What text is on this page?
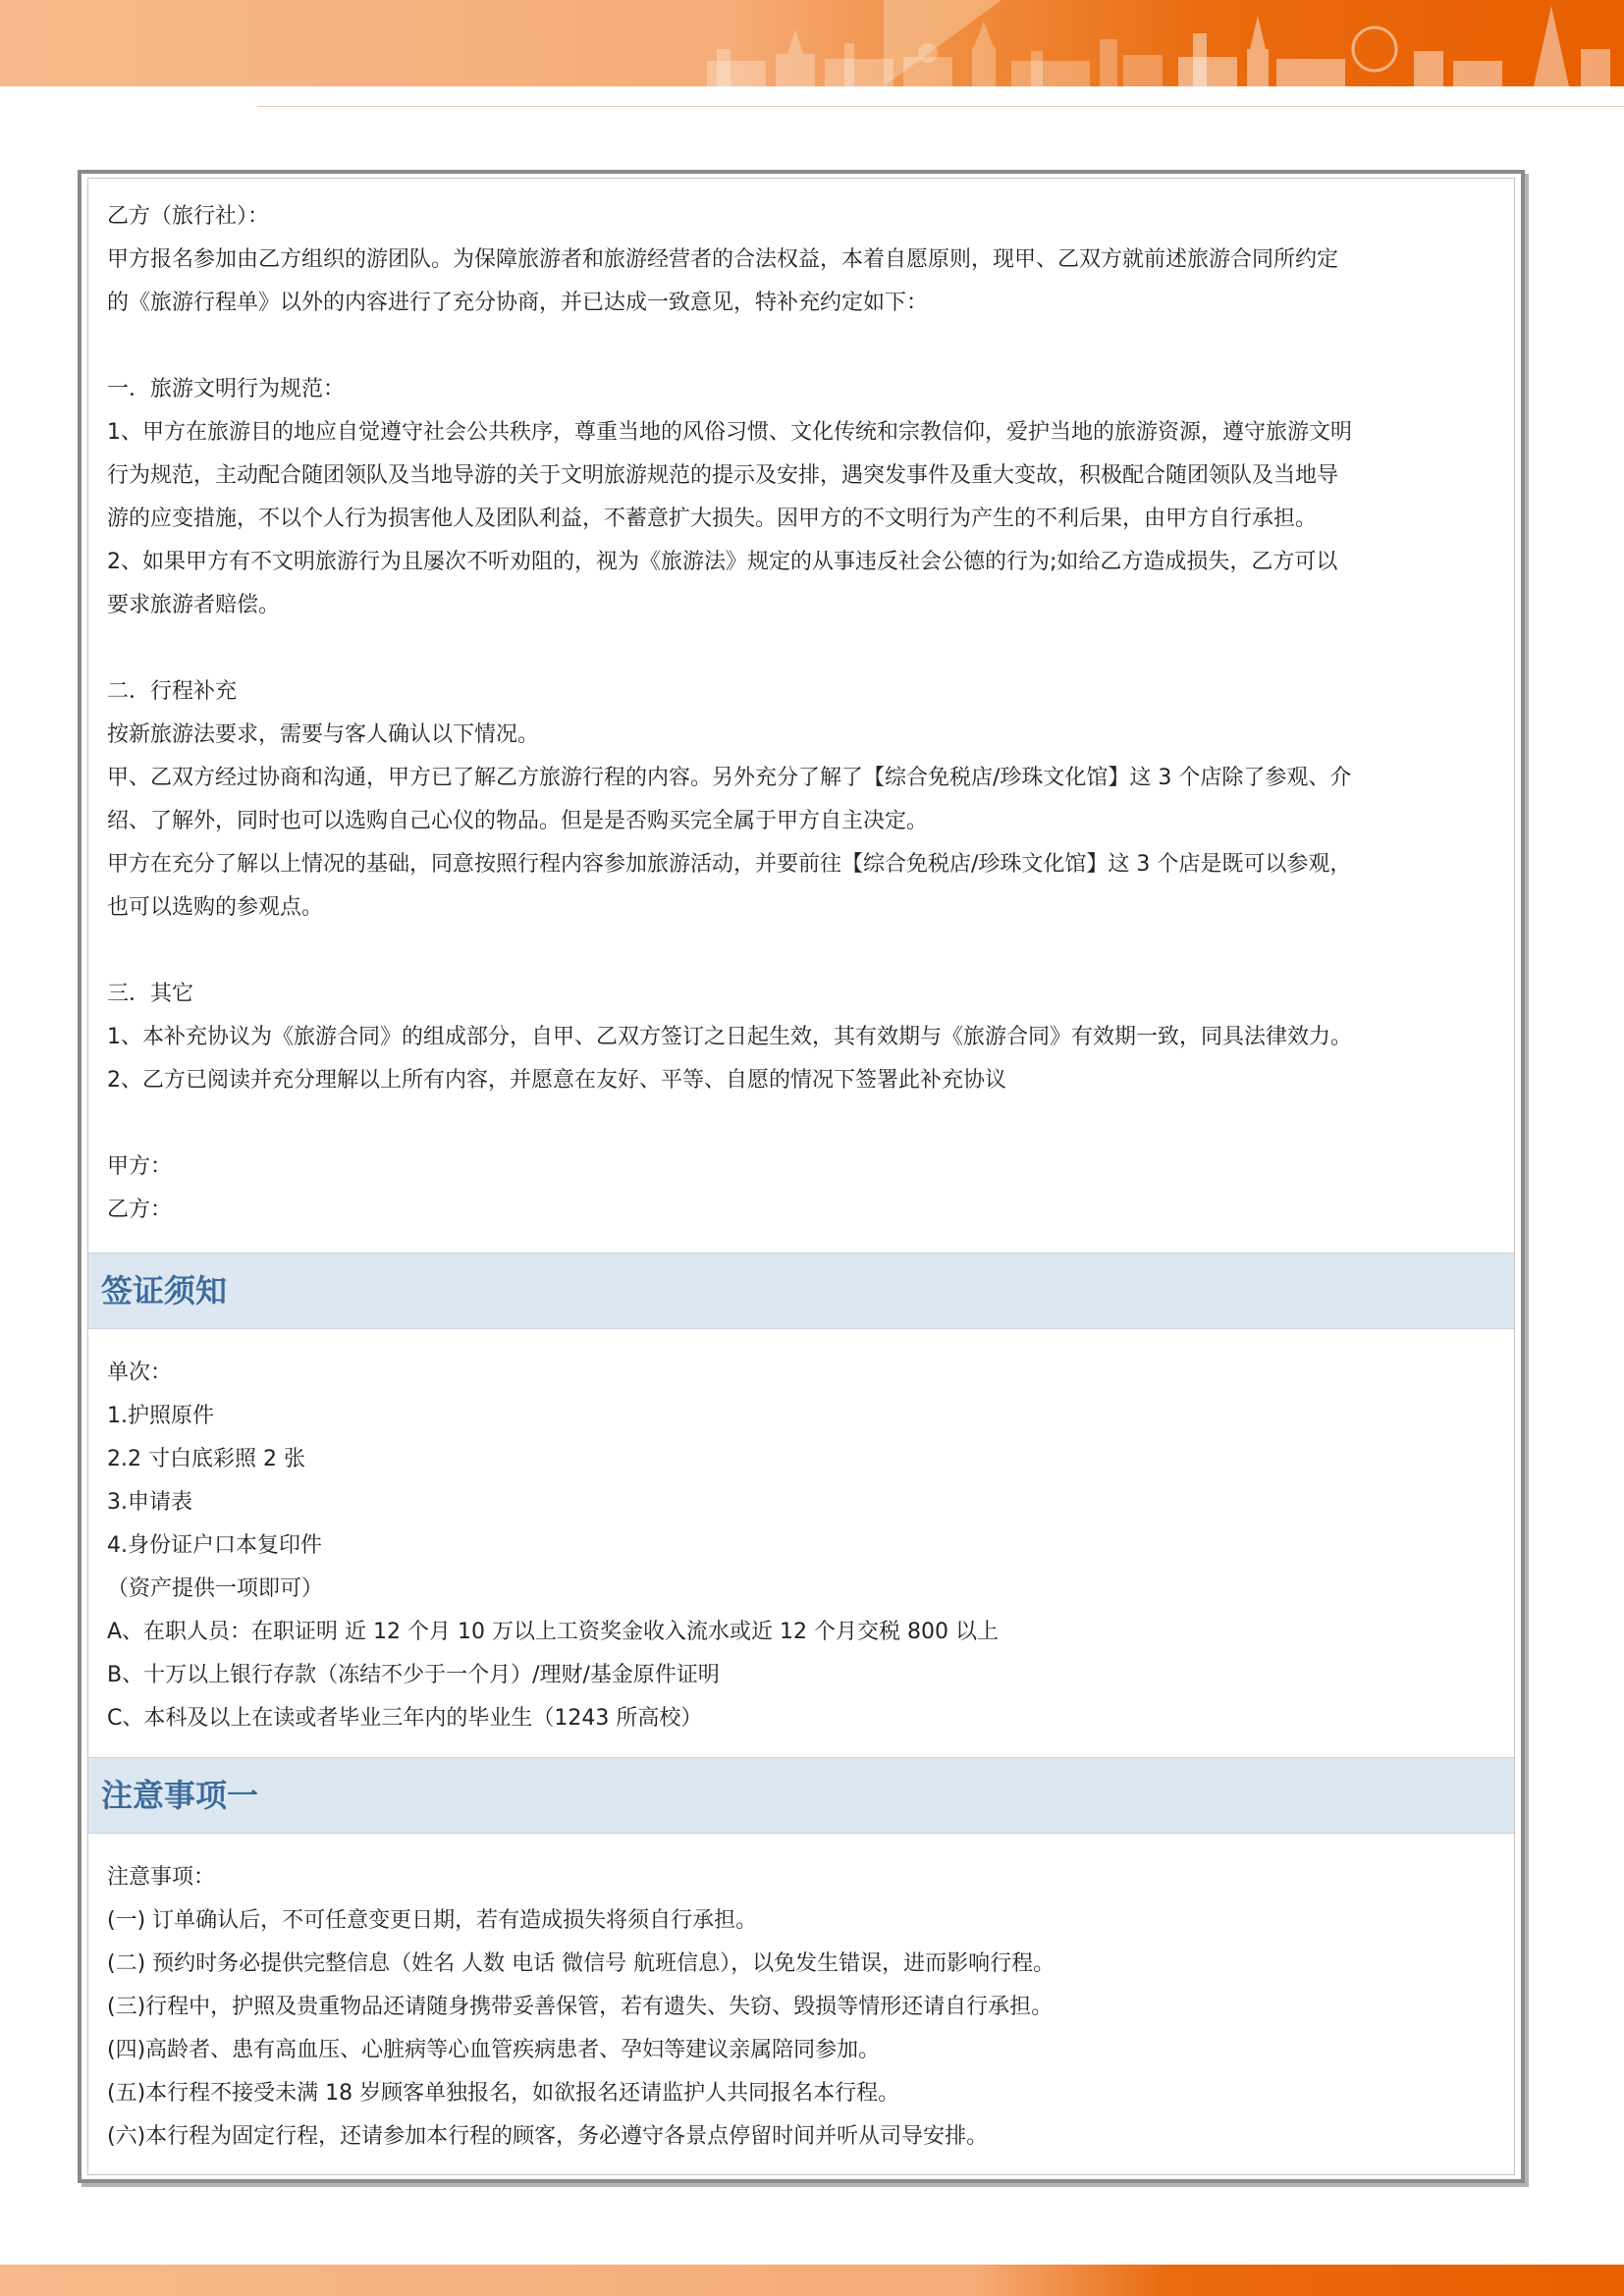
乙方（旅行社）：
甲方报名参加由乙方组织的游团队。为保障旅游者和旅游经营者的合法权益，本着自愿原则，现甲、乙双方就前述旅游合同所约定
的《旅游行程单》以外的内容进行了充分协商，并已达成一致意见，特补充约定如下：
一．旅游文明行为规范：
1、甲方在旅游目的地应自觉遵守社会公共秩序，尊重当地的风俗习惯、文化传统和宗教信仰，爱护当地的旅游资源，遵守旅游文明
行为规范，主动配合随团领队及当地导游的关于文明旅游规范的提示及安排，遇突发事件及重大变故，积极配合随团领队及当地导
游的应变措施，不以个人行为损害他人及团队利益，不蓄意扩大损失。因甲方的不文明行为产生的不利后果，由甲方自行承担。
2、如果甲方有不文明旅游行为且屡次不听劝阻的，视为《旅游法》规定的从事违反社会公德的行为;如给乙方造成损失，乙方可以
要求旅游者赔偿。
二．行程补充
按新旅游法要求，需要与客人确认以下情况。
甲、乙双方经过协商和沟通，甲方已了解乙方旅游行程的内容。另外充分了解了【综合免税店/珍珠文化馆】这 3 个店除了参观、介
绍、了解外，同时也可以选购自己心仪的物品。但是是否购买完全属于甲方自主决定。
甲方在充分了解以上情况的基础，同意按照行程内容参加旅游活动，并要前往【综合免税店/珍珠文化馆】这 3 个店是既可以参观，
也可以选购的参观点。
三．其它
1、本补充协议为《旅游合同》的组成部分，自甲、乙双方签订之日起生效，其有效期与《旅游合同》有效期一致，同具法律效力。
2、乙方已阅读并充分理解以上所有内容，并愿意在友好、平等、自愿的情况下签署此补充协议
甲方：
乙方：
签证须知
单次：
1.护照原件
2.2 寸白底彩照 2 张
3.申请表
4.身份证户口本复印件
（资产提供一项即可）
A、在职人员：在职证明 近 12 个月 10 万以上工资奖金收入流水或近 12 个月交税 800 以上
B、十万以上银行存款（冻结不少于一个月）/理财/基金原件证明
C、本科及以上在读或者毕业三年内的毕业生（1243 所高校）
注意事项一
注意事项：
(一) 订单确认后，不可任意变更日期，若有造成损失将须自行承担。
(二) 预约时务必提供完整信息（姓名 人数 电话 微信号 航班信息），以免发生错误，进而影响行程。
(三)行程中，护照及贵重物品还请随身携带妥善保管，若有遗失、失窃、毁损等情形还请自行承担。
(四)高龄者、患有高血压、心脏病等心血管疾病患者、孕妇等建议亲属陪同参加。
(五)本行程不接受未满 18 岁顾客单独报名，如欲报名还请监护人共同报名本行程。
(六)本行程为固定行程，还请参加本行程的顾客，务必遵守各景点停留时间并听从司导安排。
